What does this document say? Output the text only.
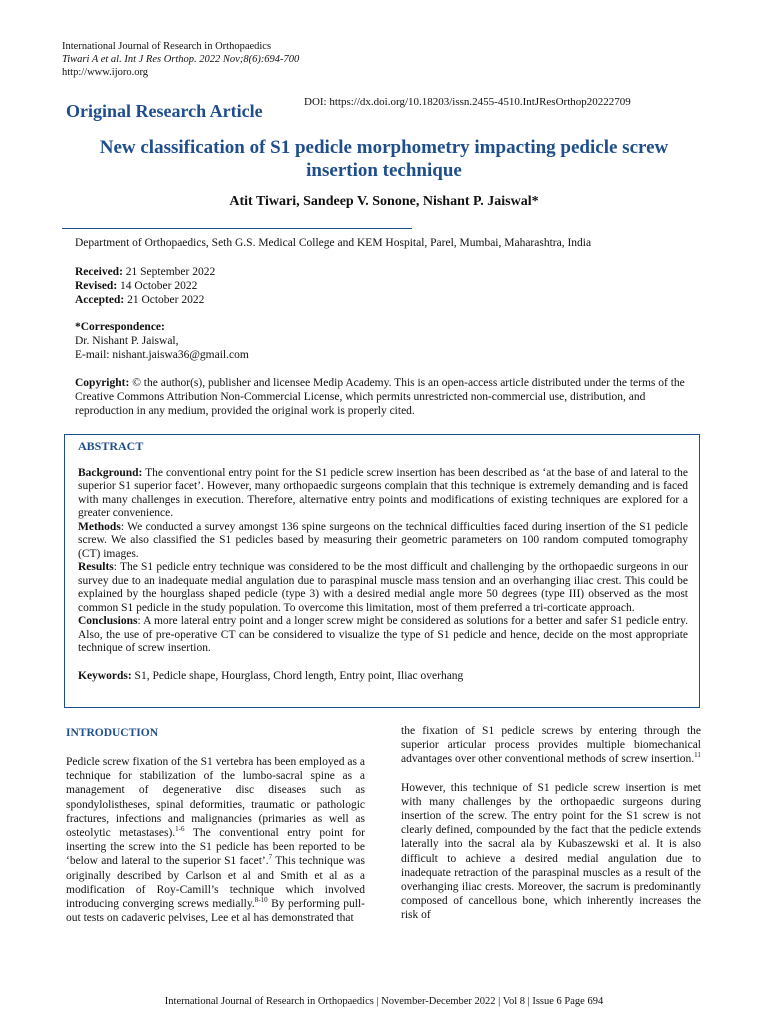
International Journal of Research in Orthopaedics
Tiwari A et al. Int J Res Orthop. 2022 Nov;8(6):694-700
http://www.ijoro.org
Original Research Article	DOI: https://dx.doi.org/10.18203/issn.2455-4510.IntJResOrthop20222709
New classification of S1 pedicle morphometry impacting pedicle screw
insertion technique
Atit Tiwari, Sandeep V. Sonone, Nishant P. Jaiswal*
Department of Orthopaedics, Seth G.S. Medical College and KEM Hospital, Parel, Mumbai, Maharashtra, India
Received: 21 September 2022
Revised: 14 October 2022
Accepted: 21 October 2022
*Correspondence:
Dr. Nishant P. Jaiswal,
E-mail: nishant.jaiswa36@gmail.com
Copyright: © the author(s), publisher and licensee Medip Academy. This is an open-access article distributed under the terms of the Creative Commons Attribution Non-Commercial License, which permits unrestricted non-commercial use, distribution, and reproduction in any medium, provided the original work is properly cited.
ABSTRACT

Background: The conventional entry point for the S1 pedicle screw insertion has been described as ‘at the base of and lateral to the superior S1 superior facet’. However, many orthopaedic surgeons complain that this technique is extremely demanding and is faced with many challenges in execution. Therefore, alternative entry points and modifications of existing techniques are explored for a greater convenience.

Methods: We conducted a survey amongst 136 spine surgeons on the technical difficulties faced during insertion of the S1 pedicle screw. We also classified the S1 pedicles based by measuring their geometric parameters on 100 random computed tomography (CT) images.

Results: The S1 pedicle entry technique was considered to be the most difficult and challenging by the orthopaedic surgeons in our survey due to an inadequate medial angulation due to paraspinal muscle mass tension and an overhanging iliac crest. This could be explained by the hourglass shaped pedicle (type 3) with a desired medial angle more 50 degrees (type III) observed as the most common S1 pedicle in the study population. To overcome this limitation, most of them preferred a tri-corticate approach.

Conclusions: A more lateral entry point and a longer screw might be considered as solutions for a better and safer S1 pedicle entry. Also, the use of pre-operative CT can be considered to visualize the type of S1 pedicle and hence, decide on the most appropriate technique of screw insertion.

Keywords: S1, Pedicle shape, Hourglass, Chord length, Entry point, Iliac overhang

INTRODUCTION

Pedicle screw fixation of the S1 vertebra has been employed as a technique for stabilization of the lumbo-sacral spine as a management of degenerative disc diseases such as spondylolistheses, spinal deformities, traumatic or pathologic fractures, infections and malignancies (primaries as well as osteolytic metastases).$^{1-6}$ The conventional entry point for inserting the screw into the S1 pedicle has been reported to be ‘below and lateral to the superior S1 facet’.$^7$ This technique was originally described by Carlson et al and Smith et al as a modification of Roy-Camill’s technique which involved introducing converging screws medially.$^{8-10}$ By performing pull-out tests on cadaveric pelvises, Lee et al has demonstrated that

the fixation of S1 pedicle screws by entering through the superior articular process provides multiple biomechanical advantages over other conventional methods of screw insertion.$^{11}$

However, this technique of S1 pedicle screw insertion is met with many challenges by the orthopaedic surgeons during insertion of the screw. The entry point for the S1 screw is not clearly defined, compounded by the fact that the pedicle extends laterally into the sacral ala by Kubaszewski et al. It is also difficult to achieve a desired medial angulation due to inadequate retraction of the paraspinal muscles as a result of the overhanging iliac crests. Moreover, the sacrum is predominantly composed of cancellous bone, which inherently increases the risk of

International Journal of Research in Orthopaedics | November-December 2022 | Vol 8 | Issue 6 Page 694
